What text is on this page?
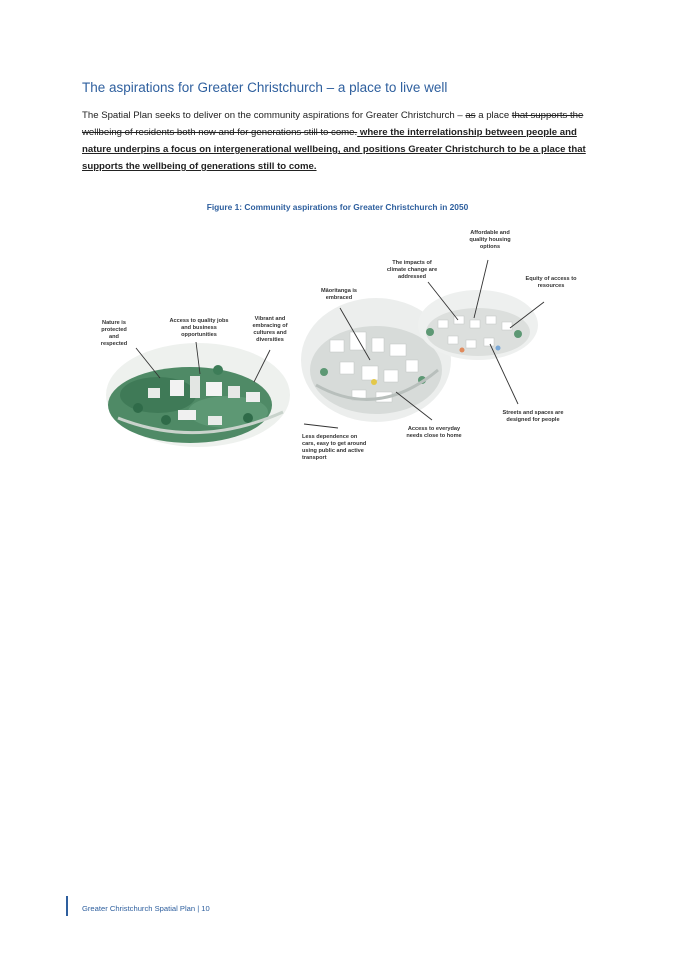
The aspirations for Greater Christchurch – a place to live well

The Spatial Plan seeks to deliver on the community aspirations for Greater Christchurch – as a place that supports the wellbeing of residents both now and for generations still to come. where the interrelationship between people and nature underpins a focus on intergenerational wellbeing, and positions Greater Christchurch to be a place that supports the wellbeing of generations still to come.

Figure 1: Community aspirations for Greater Christchurch in 2050

Nature is protected and respected
Access to quality jobs and business opportunities
Vibrant and embracing of cultures and diversities
Māoritanga is embraced
The impacts of climate change are addressed
Affordable and quality housing options
Equity of access to resources
Streets and spaces are designed for people
Access to everyday needs close to home
Less dependence on cars, easy to get around using public and active transport
Greater Christchurch Spatial Plan | 10
